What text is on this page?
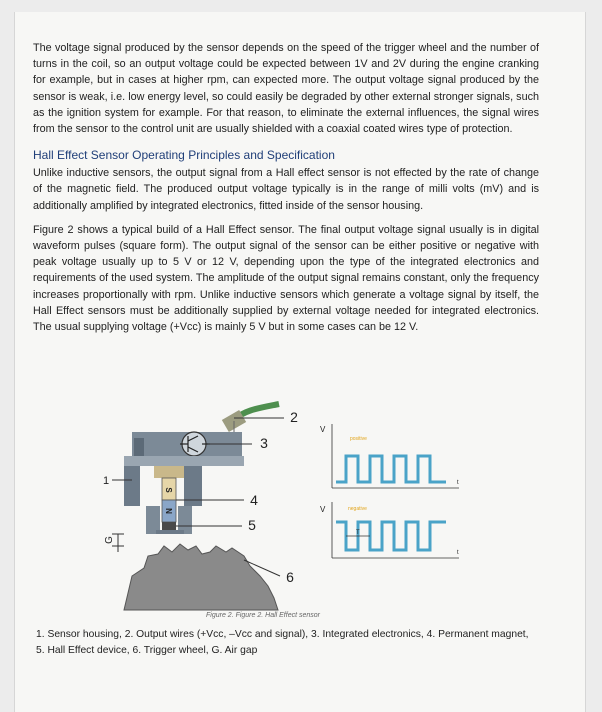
The voltage signal produced by the sensor depends on the speed of the trigger wheel and the number of turns in the coil, so an output voltage could be expected between 1V and 2V during the engine cranking for example, but in cases at higher rpm, can expected more. The output voltage signal produced by the sensor is weak, i.e. low energy level, so could easily be degraded by other external stronger signals, such as the ignition system for example. For that reason, to eliminate the external influences, the signal wires from the sensor to the control unit are usually shielded with a coaxial coated wires type of protection.

Hall Effect Sensor Operating Principles and Specification

Unlike inductive sensors, the output signal from a Hall effect sensor is not effected by the rate of change of the magnetic field. The produced output voltage typically is in the range of milli volts (mV) and is additionally amplified by integrated electronics, fitted inside of the sensor housing.

Figure 2 shows a typical build of a Hall Effect sensor. The final output voltage signal usually is in digital waveform pulses (square form). The output signal of the sensor can be either positive or negative with peak voltage usually up to 5 V or 12 V, depending upon the type of the integrated electronics and requirements of the used system. The amplitude of the output signal remains constant, only the frequency increases proportionally with rpm. Unlike inductive sensors which generate a voltage signal by itself, the Hall Effect sensors must be additionally supplied by external voltage needed for integrated electronics. The usual supplying voltage (+Vcc) is mainly 5 V but in some cases can be 12 V.

S
N
1
2
3
4
5
G
6
V
positive
t
V	negative
t
T
Figure 2. Figure 2. Hall Effect sensor
1. Sensor housing, 2. Output wires (+Vcc, –Vcc and signal), 3. Integrated electronics, 4. Permanent magnet, 5. Hall Effect device, 6. Trigger wheel, G. Air gap
